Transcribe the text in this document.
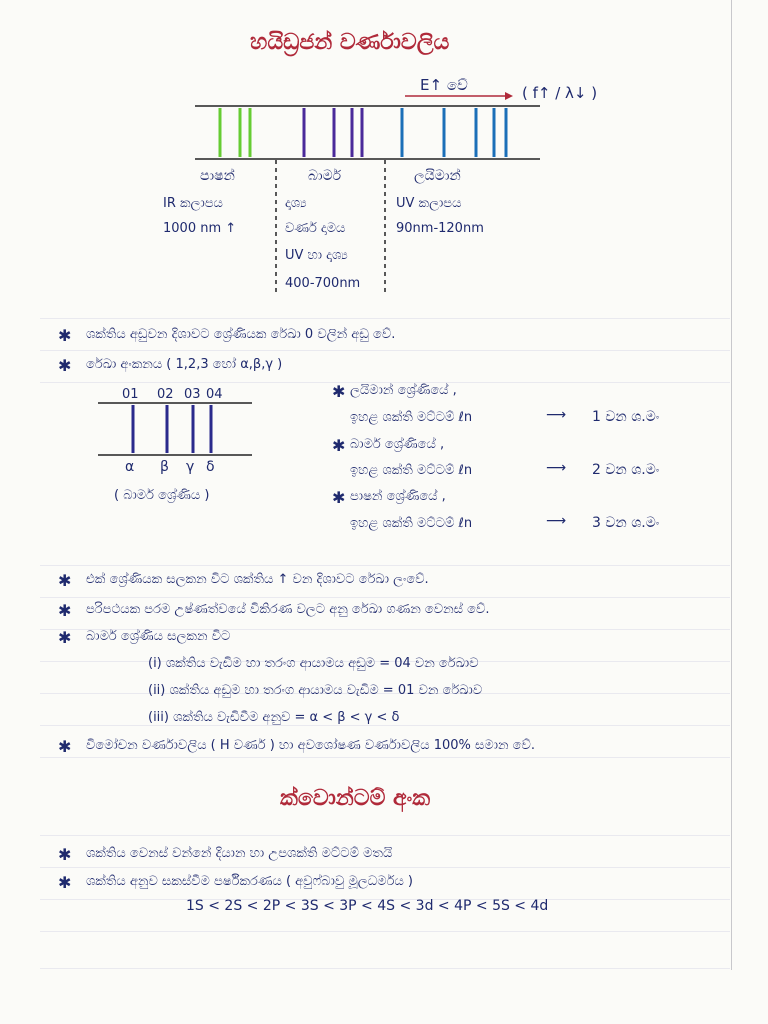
හයිඩ්‍රජන් වර්ණාවලිය
E↑ වේ	( f↑ / λ↓ )
පාෂන්
IR කලාපය
1000 nm ↑
බාමර්
දෘශ්‍ය
වර්ණ දාමය
UV හා දෘශ්‍ය
400-700nm
ලයිමාන්
UV කලාපය
90nm-120nm
✱ ශක්තිය අඩුවන දිශාවට ශ්‍රේණියක රේඛා 0 වලින් අඩු වේ.
✱ රේඛා අංකනය ( 1,2,3 හෝ α,β,γ )
01 02 03 04
α β γ δ
( බාමර් ශ්‍රේණිය )
✱ ලයිමාන් ශ්‍රේණියේ ,
ඉහළ ශක්ති මට්ටම් ℓn	⟶ 1 වන ශ.මං
✱ බාමර් ශ්‍රේණියේ ,
ඉහළ ශක්ති මට්ටම් ℓn	⟶ 2 වන ශ.මං
✱ පාෂන් ශ්‍රේණියේ ,
ඉහළ ශක්ති මට්ටම් ℓn	⟶ 3 වන ශ.මං
✱ එක් ශ්‍රේණියක සලකන විට ශක්තිය ↑ වන දිශාවට රේඛා ලංවේ.
✱ පරිපථයක පරම උෂ්ණත්වයේ විකිරණ වලට අනු රේඛා ගණන වෙනස් වේ.
✱ බාමර් ශ්‍රේණිය සලකන විට
(i) ශක්තිය වැඩිම හා තරංග ආයාමය අඩුම = 04 වන රේඛාව
(ii) ශක්තිය අඩුම හා තරංග ආයාමය වැඩිම = 01 වන රේඛාව
(iii) ශක්තිය වැඩිවීම අනුව = α < β < γ < δ
✱ විමෝචන වර්ණාවලිය ( H වර්ණ ) හා අවශෝෂණ වර්ණාවලිය 100% සමාන වේ.
ක්වොන්ටම් අංක
✱ ශක්තිය වෙනස් වන්නේ දියාන හා උපශක්ති මට්ටම් මතයි
✱ ශක්තිය අනුව සකස්වීම පර්ෂිකරණය ( අවුෆ්බාවු මූලධර්මය )
1S < 2S < 2P < 3S < 3P < 4S < 3d < 4P < 5S < 4d
